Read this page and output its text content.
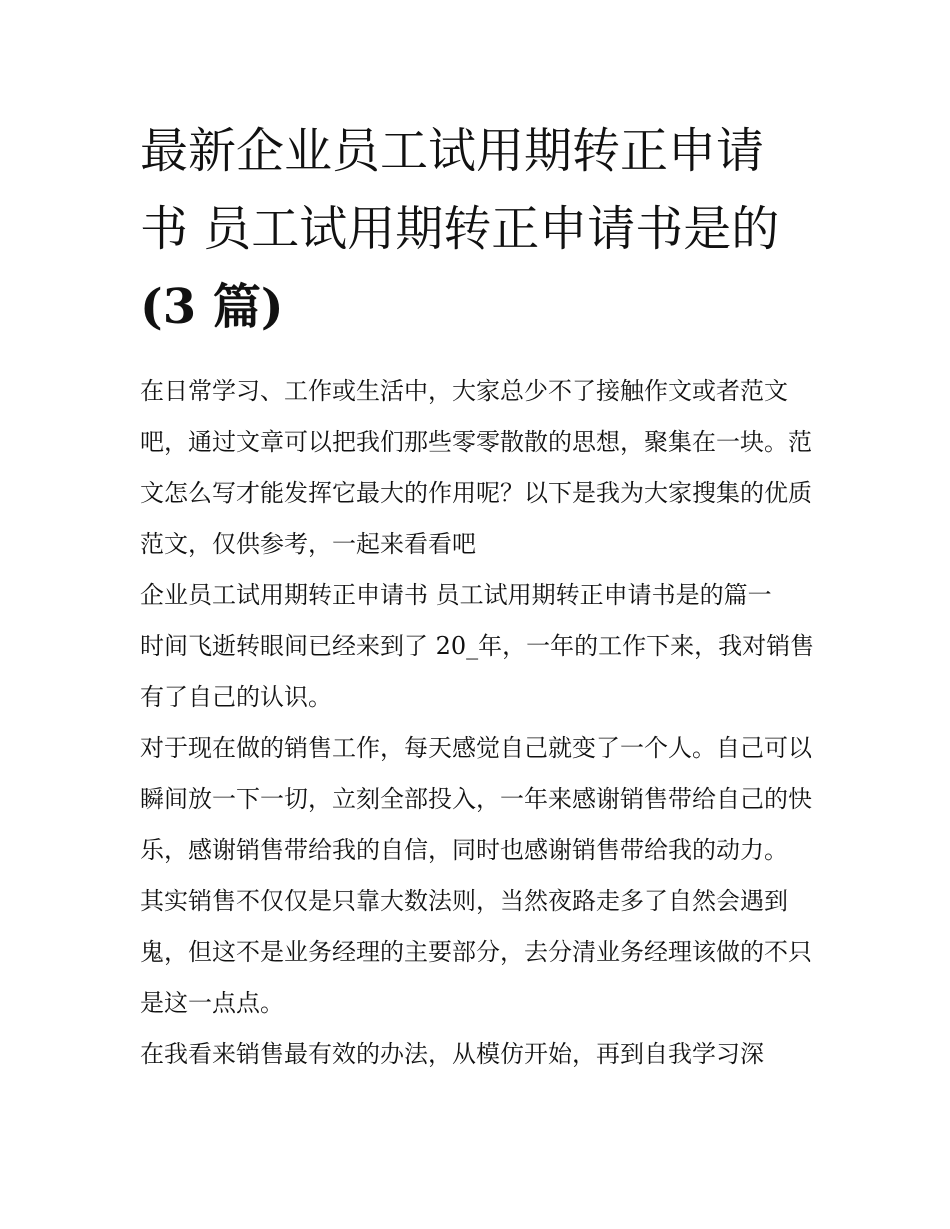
最新企业员工试用期转正申请
书 员工试用期转正申请书是的
(3 篇)

在日常学习、工作或生活中，大家总少不了接触作文或者范文吧，通过文章可以把我们那些零零散散的思想，聚集在一块。范文怎么写才能发挥它最大的作用呢？以下是我为大家搜集的优质范文，仅供参考，一起来看看吧

企业员工试用期转正申请书 员工试用期转正申请书是的篇一

时间飞逝转眼间已经来到了 20_年，一年的工作下来，我对销售有了自己的认识。

对于现在做的销售工作，每天感觉自己就变了一个人。自己可以瞬间放一下一切，立刻全部投入，一年来感谢销售带给自己的快乐，感谢销售带给我的自信，同时也感谢销售带给我的动力。

其实销售不仅仅是只靠大数法则，当然夜路走多了自然会遇到鬼，但这不是业务经理的主要部分，去分清业务经理该做的不只是这一点点。

在我看来销售最有效的办法，从模仿开始，再到自我学习深
